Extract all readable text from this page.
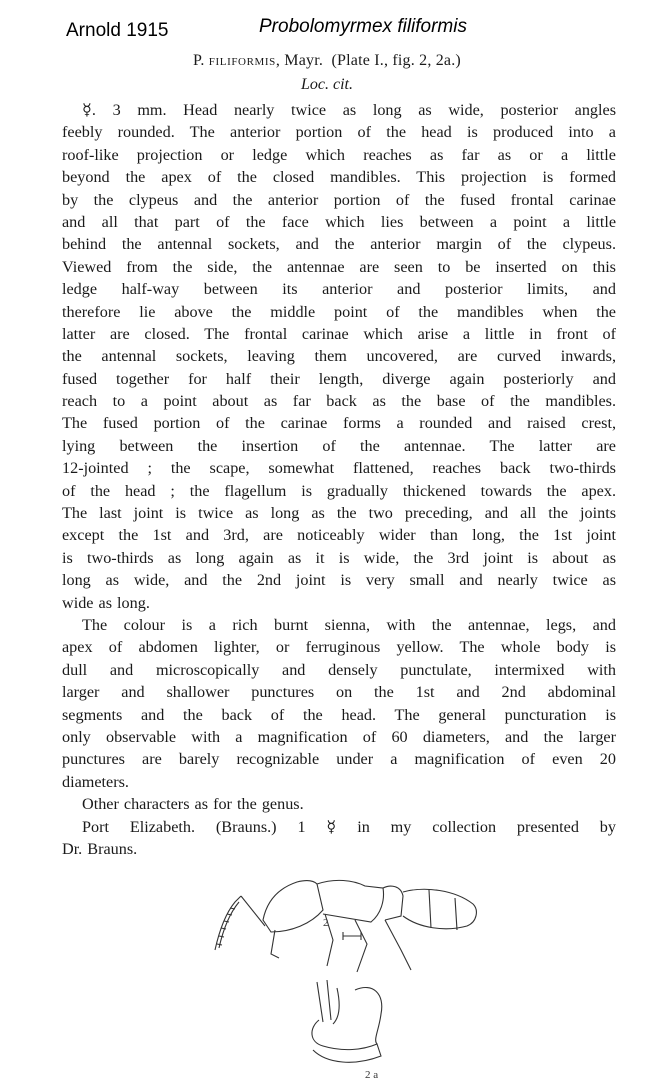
Arnold 1915	Probolomyrmex filiformis
P. filiformis, Mayr. (Plate I., fig. 2, 2a.)
Loc. cit.
☿. 3 mm. Head nearly twice as long as wide, posterior angles
feebly rounded. The anterior portion of the head is produced into a
roof-like projection or ledge which reaches as far as or a little
beyond the apex of the closed mandibles. This projection is formed
by the clypeus and the anterior portion of the fused frontal carinae
and all that part of the face which lies between a point a little
behind the antennal sockets, and the anterior margin of the clypeus.
Viewed from the side, the antennae are seen to be inserted on this
ledge half-way between its anterior and posterior limits, and
therefore lie above the middle point of the mandibles when the
latter are closed. The frontal carinae which arise a little in front of
the antennal sockets, leaving them uncovered, are curved inwards,
fused together for half their length, diverge again posteriorly and
reach to a point about as far back as the base of the mandibles.
The fused portion of the carinae forms a rounded and raised crest,
lying between the insertion of the antennae. The latter are
12-jointed ; the scape, somewhat flattened, reaches back two-thirds
of the head ; the flagellum is gradually thickened towards the apex.
The last joint is twice as long as the two preceding, and all the joints
except the 1st and 3rd, are noticeably wider than long, the 1st joint
is two-thirds as long again as it is wide, the 3rd joint is about as
long as wide, and the 2nd joint is very small and nearly twice as
wide as long.
The colour is a rich burnt sienna, with the antennae, legs, and
apex of abdomen lighter, or ferruginous yellow. The whole body is
dull and microscopically and densely punctulate, intermixed with
larger and shallower punctures on the 1st and 2nd abdominal
segments and the back of the head. The general puncturation is
only observable with a magnification of 60 diameters, and the larger
punctures are barely recognizable under a magnification of even 20
diameters.
Other characters as for the genus.
Port Elizabeth. (Brauns.) 1 ☿ in my collection presented by
Dr. Brauns.
2
2 a
